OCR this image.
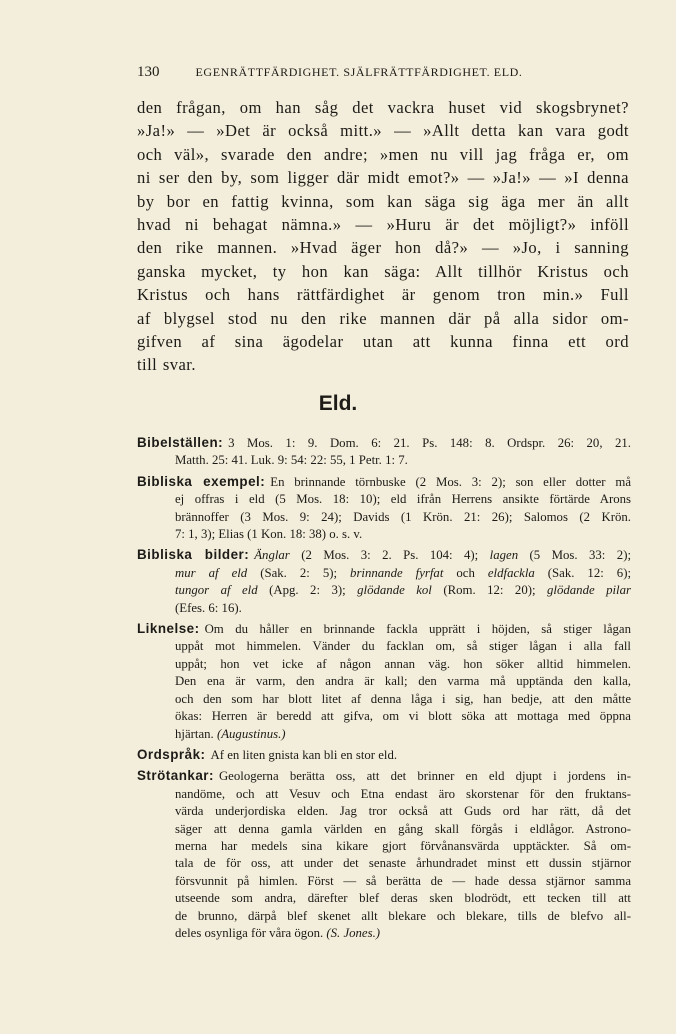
130	EGENRÄTTFÄRDIGHET. SJÄLFRÄTTFÄRDIGHET. ELD.
den frågan, om han såg det vackra huset vid skogsbrynet?
»Ja!» — »Det är också mitt.» — »Allt detta kan vara godt
och väl», svarade den andre; »men nu vill jag fråga er, om
ni ser den by, som ligger där midt emot?» — »Ja!» — »I denna
by bor en fattig kvinna, som kan säga sig äga mer än allt
hvad ni behagat nämna.» — »Huru är det möjligt?» inföll
den rike mannen. »Hvad äger hon då?» — »Jo, i sanning
ganska mycket, ty hon kan säga: Allt tillhör Kristus och
Kristus och hans rättfärdighet är genom tron min.» Full
af blygsel stod nu den rike mannen där på alla sidor om-
gifven af sina ägodelar utan att kunna finna ett ord
till svar.
Eld.
Bibelställen: 3 Mos. 1: 9. Dom. 6: 21. Ps. 148: 8. Ordspr. 26: 20, 21.
Matth. 25: 41. Luk. 9: 54: 22: 55, 1 Petr. 1: 7.
Bibliska exempel: En brinnande törnbuske (2 Mos. 3: 2); son eller dotter må
ej offras i eld (5 Mos. 18: 10); eld ifrån Herrens ansikte förtärde Arons
brännoffer (3 Mos. 9: 24); Davids (1 Krön. 21: 26); Salomos (2 Krön.
7: 1, 3); Elias (1 Kon. 18: 38) o. s. v.
Bibliska bilder: Änglar (2 Mos. 3: 2. Ps. 104: 4); lagen (5 Mos. 33: 2);
mur af eld (Sak. 2: 5); brinnande fyrfat och eldfackla (Sak. 12: 6);
tungor af eld (Apg. 2: 3); glödande kol (Rom. 12: 20); glödande pilar
(Efes. 6: 16).
Liknelse: Om du håller en brinnande fackla upprätt i höjden, så stiger lågan
uppåt mot himmelen. Vänder du facklan om, så stiger lågan i alla fall
uppåt; hon vet icke af någon annan väg. hon söker alltid himmelen.
Den ena är varm, den andra är kall; den varma må upptända den kalla,
och den som har blott litet af denna låga i sig, han bedje, att den måtte
ökas: Herren är beredd att gifva, om vi blott söka att mottaga med öppna
hjärtan. (Augustinus.)
Ordspråk: Af en liten gnista kan bli en stor eld.
Strötankar: Geologerna berätta oss, att det brinner en eld djupt i jordens in-
nandöme, och att Vesuv och Etna endast äro skorstenar för den fruktans-
värda underjordiska elden. Jag tror också att Guds ord har rätt, då det
säger att denna gamla världen en gång skall förgås i eldlågor. Astrono-
merna har medels sina kikare gjort förvånansvärda upptäckter. Så om-
tala de för oss, att under det senaste århundradet minst ett dussin stjärnor
försvunnit på himlen. Först — så berätta de — hade dessa stjärnor samma
utseende som andra, därefter blef deras sken blodrödt, ett tecken till att
de brunno, därpå blef skenet allt blekare och blekare, tills de blefvo all-
deles osynliga för våra ögon. (S. Jones.)
